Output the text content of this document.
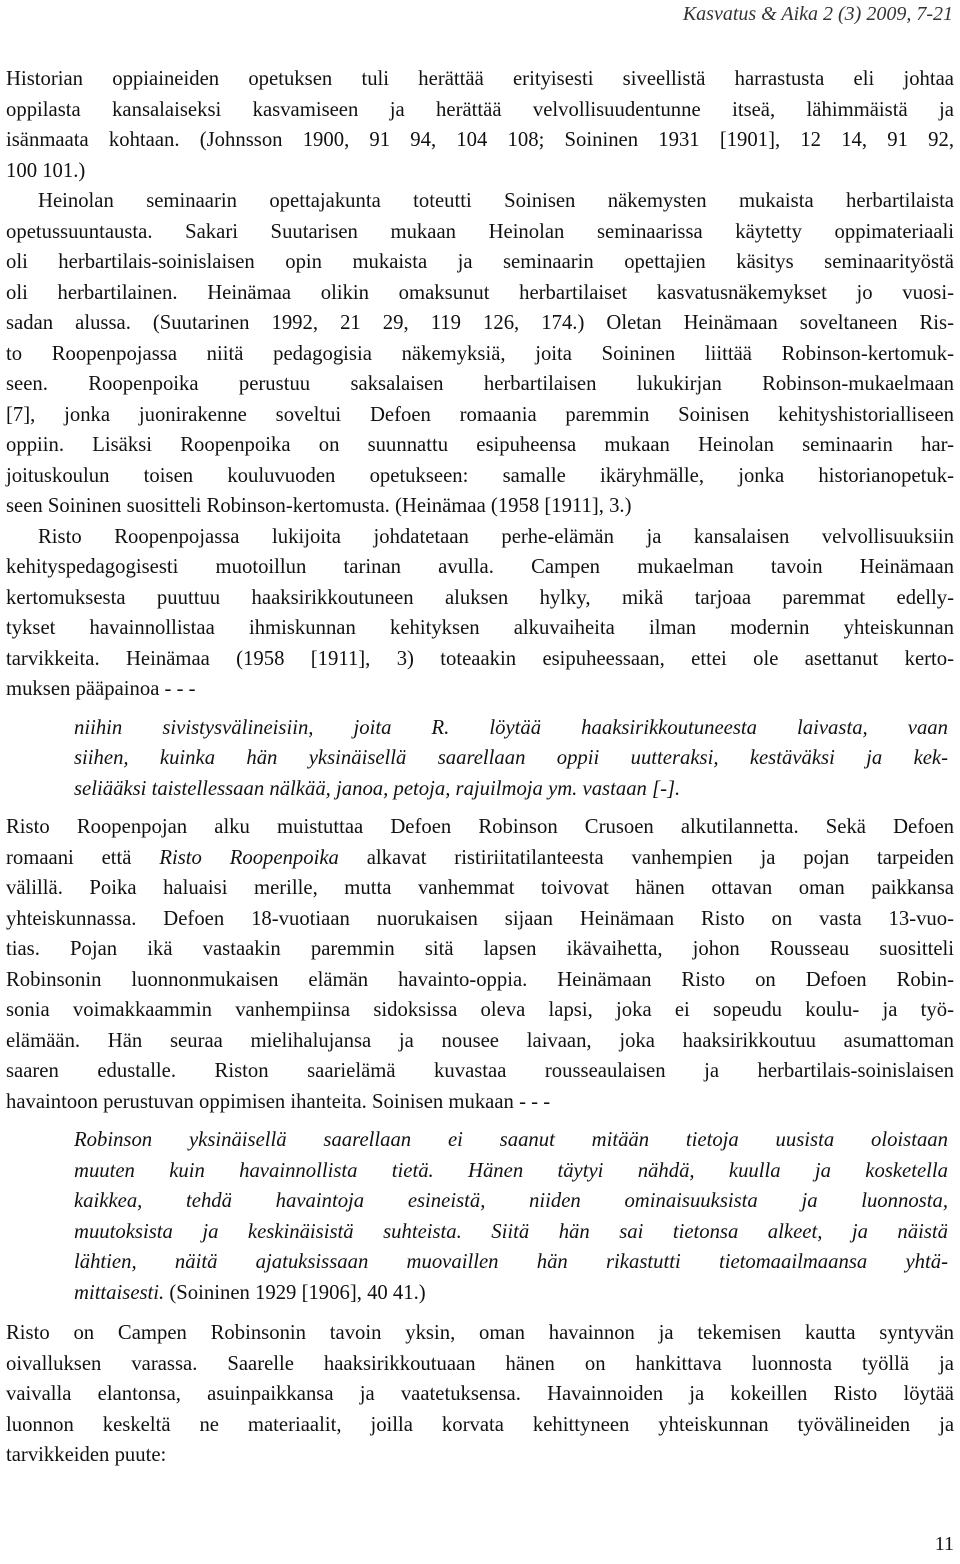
Kasvatus & Aika 2 (3) 2009, 7-21

Historian oppiaineiden opetuksen tuli herättää erityisesti siveellistä harrastusta eli johtaa
oppilasta kansalaiseksi kasvamiseen ja herättää velvollisuudentunne itseä, lähimmäistä ja
isänmaata kohtaan. (Johnsson 1900, 91 94, 104 108; Soininen 1931 [1901], 12 14, 91 92,
100 101.)

Heinolan seminaarin opettajakunta toteutti Soinisen näkemysten mukaista herbartilaista
opetussuuntausta. Sakari Suutarisen mukaan Heinolan seminaarissa käytetty oppimateriaali
oli herbartilais-soinislaisen opin mukaista ja seminaarin opettajien käsitys seminaarityöstä
oli herbartilainen. Heinämaa olikin omaksunut herbartilaiset kasvatusnäkemykset jo vuosi-
sadan alussa. (Suutarinen 1992, 21 29, 119 126, 174.) Oletan Heinämaan soveltaneen Ris-
to Roopenpojassa niitä pedagogisia näkemyksiä, joita Soininen liittää Robinson-kertomuk-
seen. Roopenpoika perustuu saksalaisen herbartilaisen lukukirjan Robinson-mukaelmaan
[7], jonka juonirakenne soveltui Defoen romaania paremmin Soinisen kehityshistorialliseen
oppiin. Lisäksi Roopenpoika on suunnattu esipuheensa mukaan Heinolan seminaarin har-
joituskoulun toisen kouluvuoden opetukseen: samalle ikäryhmälle, jonka historianopetuk-
seen Soininen suositteli Robinson-kertomusta. (Heinämaa (1958 [1911], 3.)

Risto Roopenpojassa lukijoita johdatetaan perhe-elämän ja kansalaisen velvollisuuksiin
kehityspedagogisesti muotoillun tarinan avulla. Campen mukaelman tavoin Heinämaan
kertomuksesta puuttuu haaksirikkoutuneen aluksen hylky, mikä tarjoaa paremmat edelly-
tykset havainnollistaa ihmiskunnan kehityksen alkuvaiheita ilman modernin yhteiskunnan
tarvikkeita. Heinämaa (1958 [1911], 3) toteaakin esipuheessaan, ettei ole asettanut kerto-
muksen pääpainoa - - -

niihin sivistysvälineisiin, joita R. löytää haaksirikkoutuneesta laivasta, vaan
siihen, kuinka hän yksinäisellä saarellaan oppii uutteraksi, kestäväksi ja kek-
seliääksi taistellessaan nälkää, janoa, petoja, rajuilmoja ym. vastaan [-].

Risto Roopenpojan alku muistuttaa Defoen Robinson Crusoen alkutilannetta. Sekä Defoen
romaani että Risto Roopenpoika alkavat ristiriitatilanteesta vanhempien ja pojan tarpeiden
välillä. Poika haluaisi merille, mutta vanhemmat toivovat hänen ottavan oman paikkansa
yhteiskunnassa. Defoen 18-vuotiaan nuorukaisen sijaan Heinämaan Risto on vasta 13-vuo-
tias. Pojan ikä vastaakin paremmin sitä lapsen ikävaihetta, johon Rousseau suositteli
Robinsonin luonnonmukaisen elämän havainto-oppia. Heinämaan Risto on Defoen Robin-
sonia voimakkaammin vanhempiinsa sidoksissa oleva lapsi, joka ei sopeudu koulu- ja työ-
elämään. Hän seuraa mielihalujansa ja nousee laivaan, joka haaksirikkoutuu asumattoman
saaren edustalle. Riston saarielämä kuvastaa rousseaulaisen ja herbartilais-soinislaisen
havaintoon perustuvan oppimisen ihanteita. Soinisen mukaan - - -

Robinson yksinäisellä saarellaan ei saanut mitään tietoja uusista oloistaan
muuten kuin havainnollista tietä. Hänen täytyi nähdä, kuulla ja kosketella
kaikkea, tehdä havaintoja esineistä, niiden ominaisuuksista ja luonnosta,
muutoksista ja keskinäisistä suhteista. Siitä hän sai tietonsa alkeet, ja näistä
lähtien, näitä ajatuksissaan muovaillen hän rikastutti tietomaailmaansa yhtä-
mittaisesti. (Soininen 1929 [1906], 40 41.)

Risto on Campen Robinsonin tavoin yksin, oman havainnon ja tekemisen kautta syntyvän
oivalluksen varassa. Saarelle haaksirikkoutuaan hänen on hankittava luonnosta työllä ja
vaivalla elantonsa, asuinpaikkansa ja vaatetuksensa. Havainnoiden ja kokeillen Risto löytää
luonnon keskeltä ne materiaalit, joilla korvata kehittyneen yhteiskunnan työvälineiden ja
tarvikkeiden puute:

11
